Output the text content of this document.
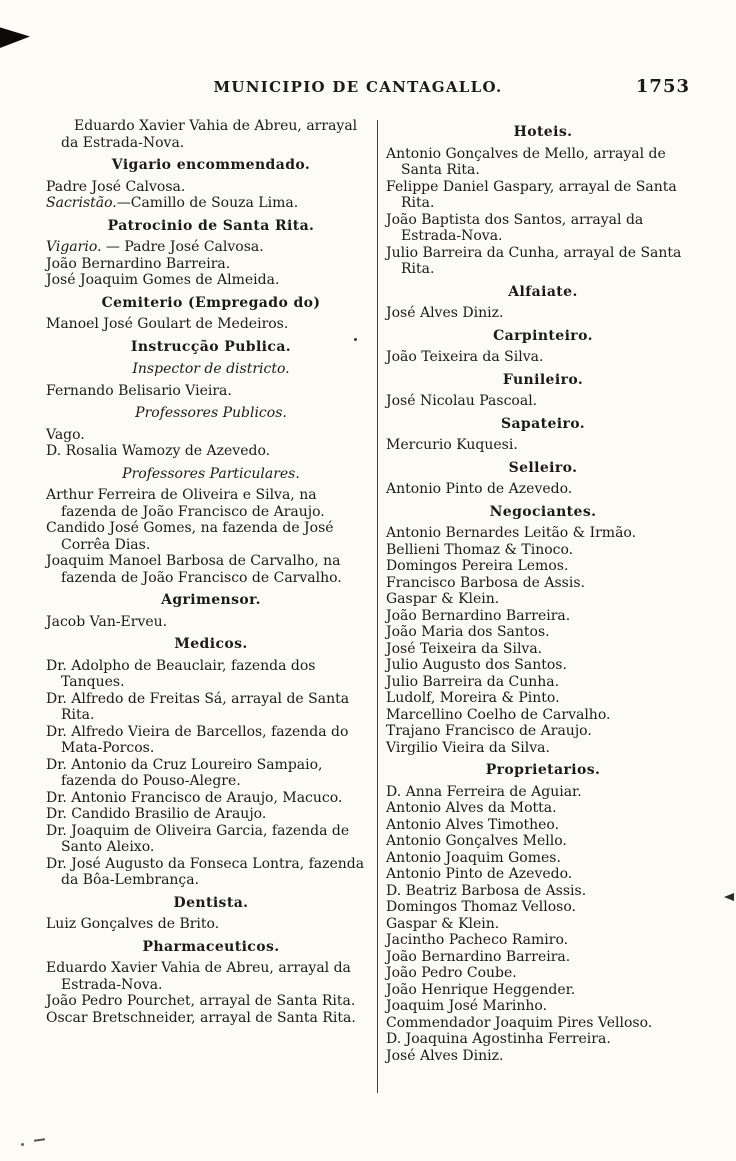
MUNICIPIO DE CANTAGALLO.	1753
Eduardo Xavier Vahia de Abreu, arrayal da Estrada-Nova.
Vigario encommendado.
Padre José Calvosa.
Sacristão.—Camillo de Souza Lima.
Patrocinio de Santa Rita.
Vigario. — Padre José Calvosa.
João Bernardino Barreira.
José Joaquim Gomes de Almeida.
Cemiterio (Empregado do)
Manoel José Goulart de Medeiros.
Instrucção Publica.
Inspector de districto.
Fernando Belisario Vieira.
Professores Publicos.
Vago.
D. Rosalia Wamozy de Azevedo.
Professores Particulares.
Arthur Ferreira de Oliveira e Silva, na fazenda de João Francisco de Araujo.
Candido José Gomes, na fazenda de José Corrêa Dias.
Joaquim Manoel Barbosa de Carvalho, na fazenda de João Francisco de Carvalho.
Agrimensor.
Jacob Van-Erveu.
Medicos.
Dr. Adolpho de Beauclair, fazenda dos Tanques.
Dr. Alfredo de Freitas Sá, arrayal de Santa Rita.
Dr. Alfredo Vieira de Barcellos, fazenda do Mata-Porcos.
Dr. Antonio da Cruz Loureiro Sampaio, fazenda do Pouso-Alegre.
Dr. Antonio Francisco de Araujo, Macuco.
Dr. Candido Brasilio de Araujo.
Dr. Joaquim de Oliveira Garcia, fazenda de Santo Aleixo.
Dr. José Augusto da Fonseca Lontra, fazenda da Bôa-Lembrança.
Dentista.
Luiz Gonçalves de Brito.
Pharmaceuticos.
Eduardo Xavier Vahia de Abreu, arrayal da Estrada-Nova.
João Pedro Pourchet, arrayal de Santa Rita.
Oscar Bretschneider, arrayal de Santa Rita.
Hoteis.
Antonio Gonçalves de Mello, arrayal de Santa Rita.
Felippe Daniel Gaspary, arrayal de Santa Rita.
João Baptista dos Santos, arrayal da Estrada-Nova.
Julio Barreira da Cunha, arrayal de Santa Rita.
Alfaiate.
José Alves Diniz.
Carpinteiro.
João Teixeira da Silva.
Funileiro.
José Nicolau Pascoal.
Sapateiro.
Mercurio Kuquesi.
Selleiro.
Antonio Pinto de Azevedo.
Negociantes.
Antonio Bernardes Leitão & Irmão.
Bellieni Thomaz & Tinoco.
Domingos Pereira Lemos.
Francisco Barbosa de Assis.
Gaspar & Klein.
João Bernardino Barreira.
João Maria dos Santos.
José Teixeira da Silva.
Julio Augusto dos Santos.
Julio Barreira da Cunha.
Ludolf, Moreira & Pinto.
Marcellino Coelho de Carvalho.
Trajano Francisco de Araujo.
Virgilio Vieira da Silva.
Proprietarios.
D. Anna Ferreira de Aguiar.
Antonio Alves da Motta.
Antonio Alves Timotheo.
Antonio Gonçalves Mello.
Antonio Joaquim Gomes.
Antonio Pinto de Azevedo.
D. Beatriz Barbosa de Assis.
Domingos Thomaz Velloso.
Gaspar & Klein.
Jacintho Pacheco Ramiro.
João Bernardino Barreira.
João Pedro Coube.
João Henrique Heggender.
Joaquim José Marinho.
Commendador Joaquim Pires Velloso.
D. Joaquina Agostinha Ferreira.
José Alves Diniz.
